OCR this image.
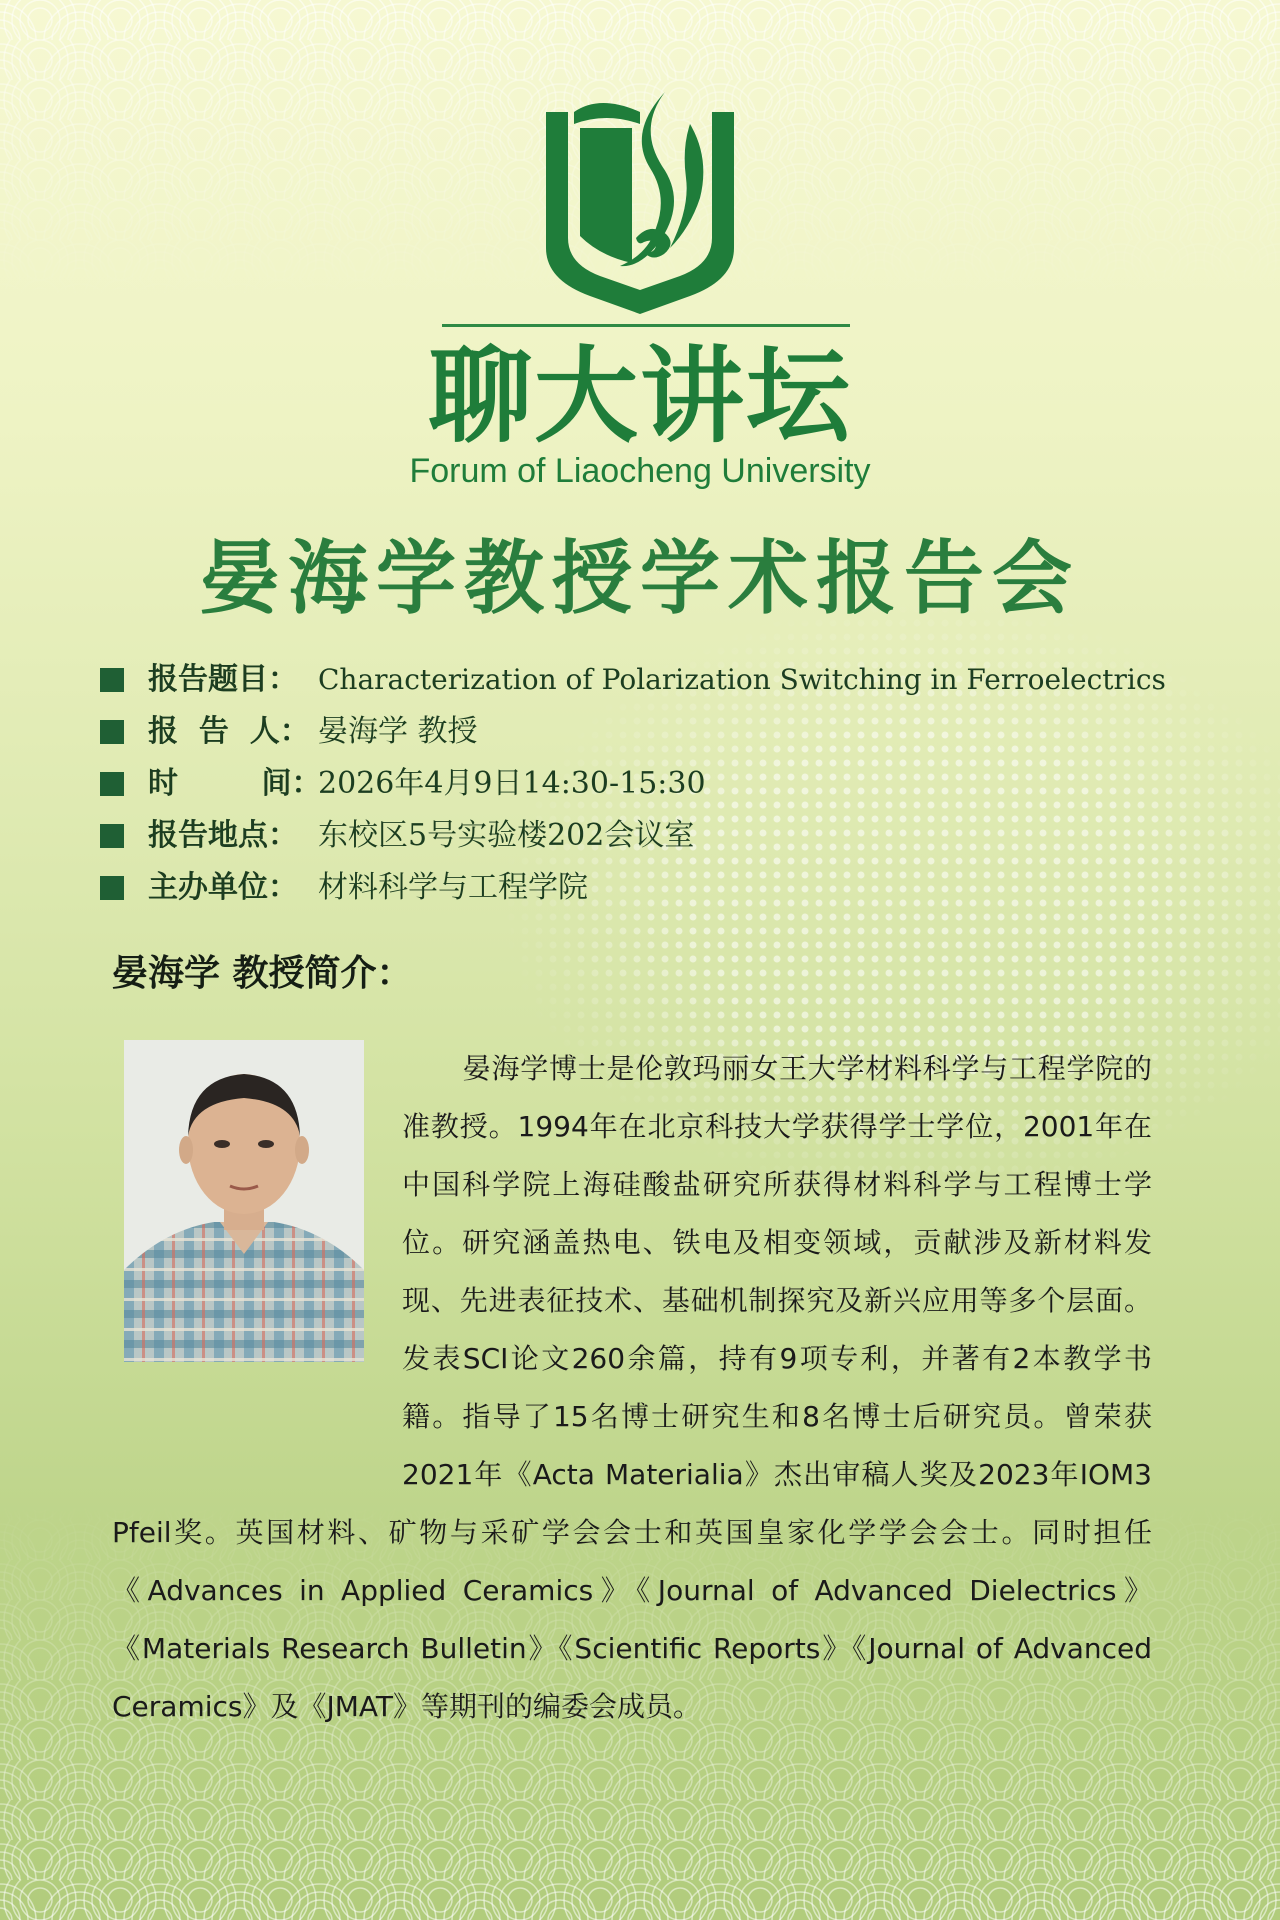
聊大讲坛
Forum of Liaocheng University
晏海学教授学术报告会
报告题目： Characterization of Polarization Switching in Ferroelectrics
报  告  人： 晏海学 教授
时        间：
2026年4月9日14:30-15:30
报告地点： 东校区5号实验楼202会议室
主办单位： 材料科学与工程学院
晏海学 教授简介：
晏海学博士是伦敦玛丽女王大学材料科学与工程学院的准教授。1994年在北京科技大学获得学士学位，2001年在中国科学院上海硅酸盐研究所获得材料科学与工程博士学位。研究涵盖热电、铁电及相变领域，贡献涉及新材料发现、先进表征技术、基础机制探究及新兴应用等多个层面。发表SCI论文260余篇，持有9项专利，并著有2本教学书籍。指导了15名博士研究生和8名博士后研究员。曾荣获2021年《Acta Materialia》杰出审稿人奖及2023年IOM3 Pfeil奖。英国材料、矿物与采矿学会会士和英国皇家化学学会会士。同时担任《Advances in Applied Ceramics》《Journal of Advanced Dielectrics》《Materials Research Bulletin》《Scientific Reports》《Journal of Advanced Ceramics》及《JMAT》等期刊的编委会成员。
